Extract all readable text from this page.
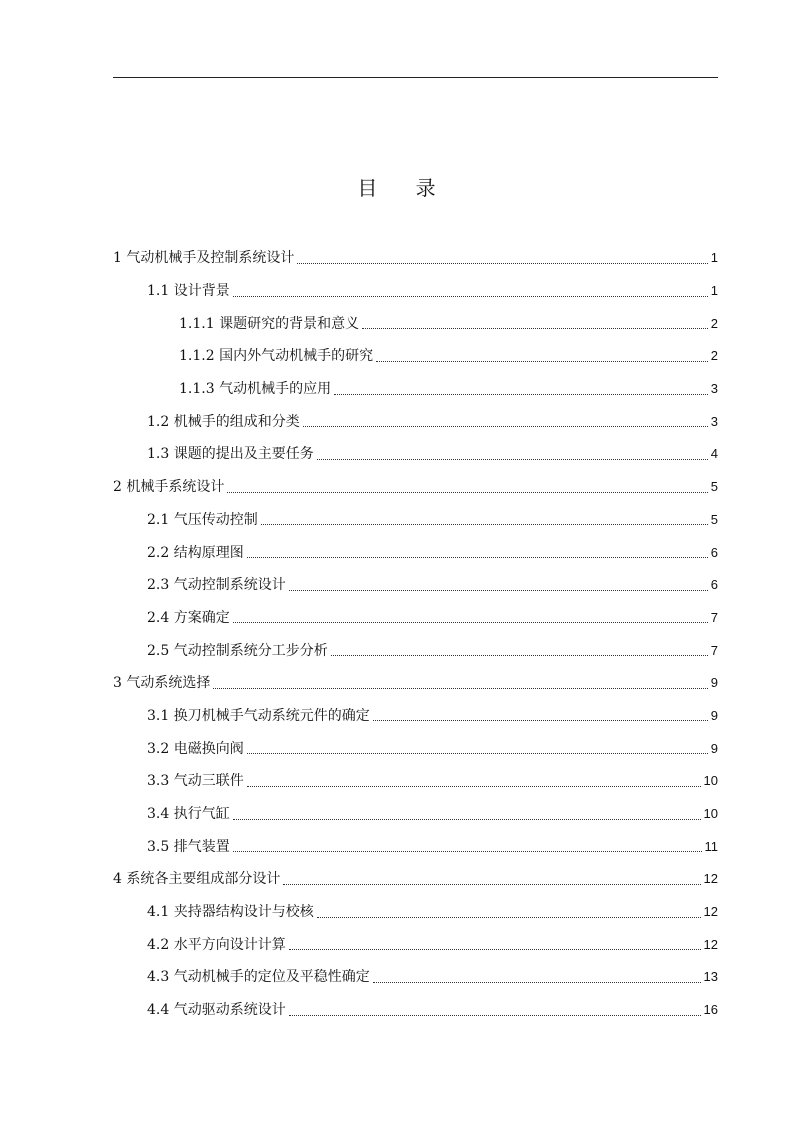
目 录
1 气动机械手及控制系统设计	1
1.1 设计背景	1
1.1.1 课题研究的背景和意义	2
1.1.2 国内外气动机械手的研究	2
1.1.3 气动机械手的应用	3
1.2 机械手的组成和分类	3
1.3 课题的提出及主要任务	4
2 机械手系统设计	5
2.1 气压传动控制	5
2.2 结构原理图	6
2.3 气动控制系统设计	6
2.4 方案确定	7
2.5 气动控制系统分工步分析	7
3 气动系统选择	9
3.1 换刀机械手气动系统元件的确定	9
3.2 电磁换向阀	9
3.3 气动三联件	10
3.4 执行气缸	10
3.5 排气装置	11
4 系统各主要组成部分设计	12
4.1 夹持器结构设计与校核	12
4.2 水平方向设计计算	12
4.3 气动机械手的定位及平稳性确定	13
4.4 气动驱动系统设计	16
